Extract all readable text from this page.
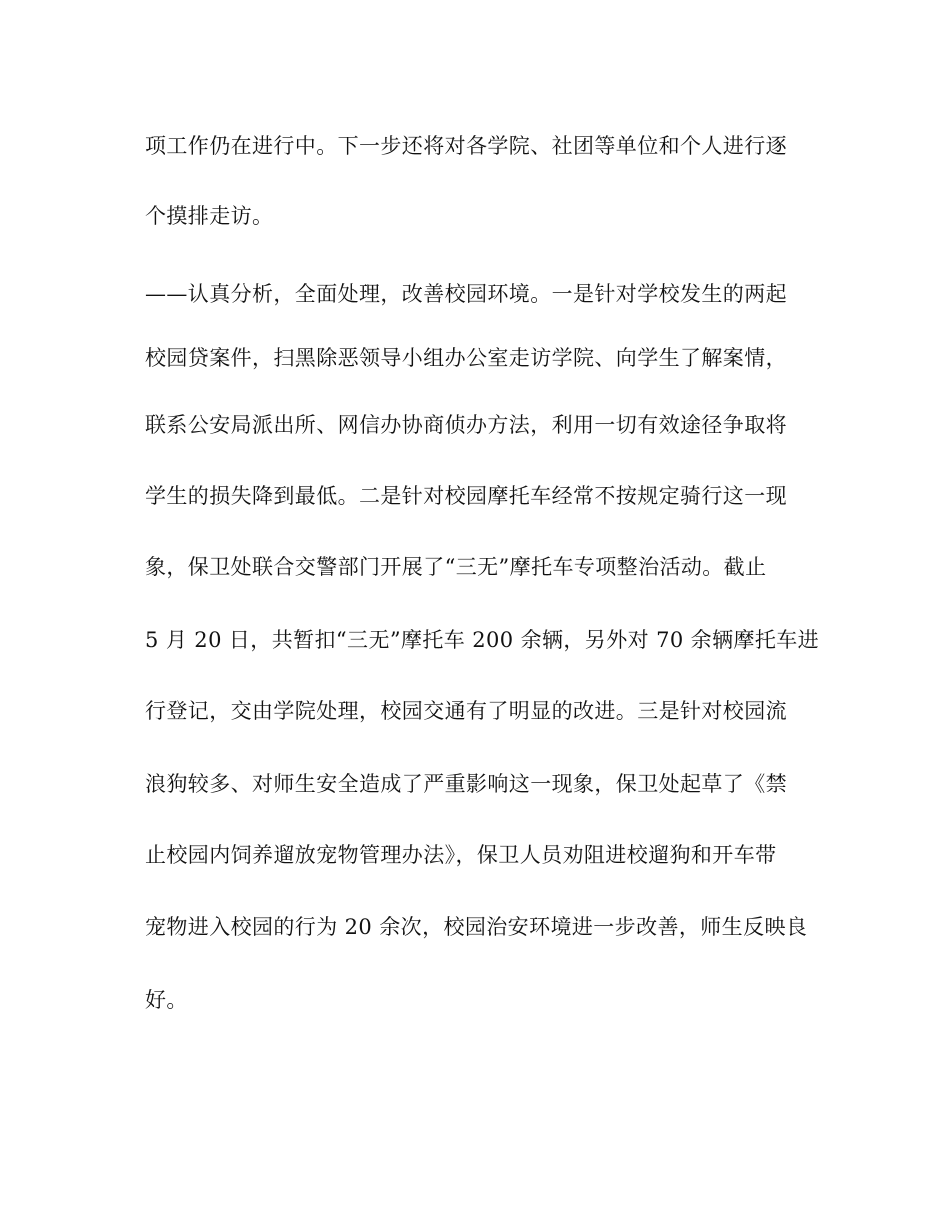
项工作仍在进行中。下一步还将对各学院、社团等单位和个人进行逐
个摸排走访。
——认真分析，全面处理，改善校园环境。一是针对学校发生的两起
校园贷案件，扫黑除恶领导小组办公室走访学院、向学生了解案情，
联系公安局派出所、网信办协商侦办方法，利用一切有效途径争取将
学生的损失降到最低。二是针对校园摩托车经常不按规定骑行这一现
象，保卫处联合交警部门开展了“三无”摩托车专项整治活动。截止
5 月 20 日，共暂扣“三无”摩托车 200 余辆，另外对 70 余辆摩托车进
行登记，交由学院处理，校园交通有了明显的改进。三是针对校园流
浪狗较多、对师生安全造成了严重影响这一现象，保卫处起草了《禁
止校园内饲养遛放宠物管理办法》，保卫人员劝阻进校遛狗和开车带
宠物进入校园的行为 20 余次，校园治安环境进一步改善，师生反映良
好。
